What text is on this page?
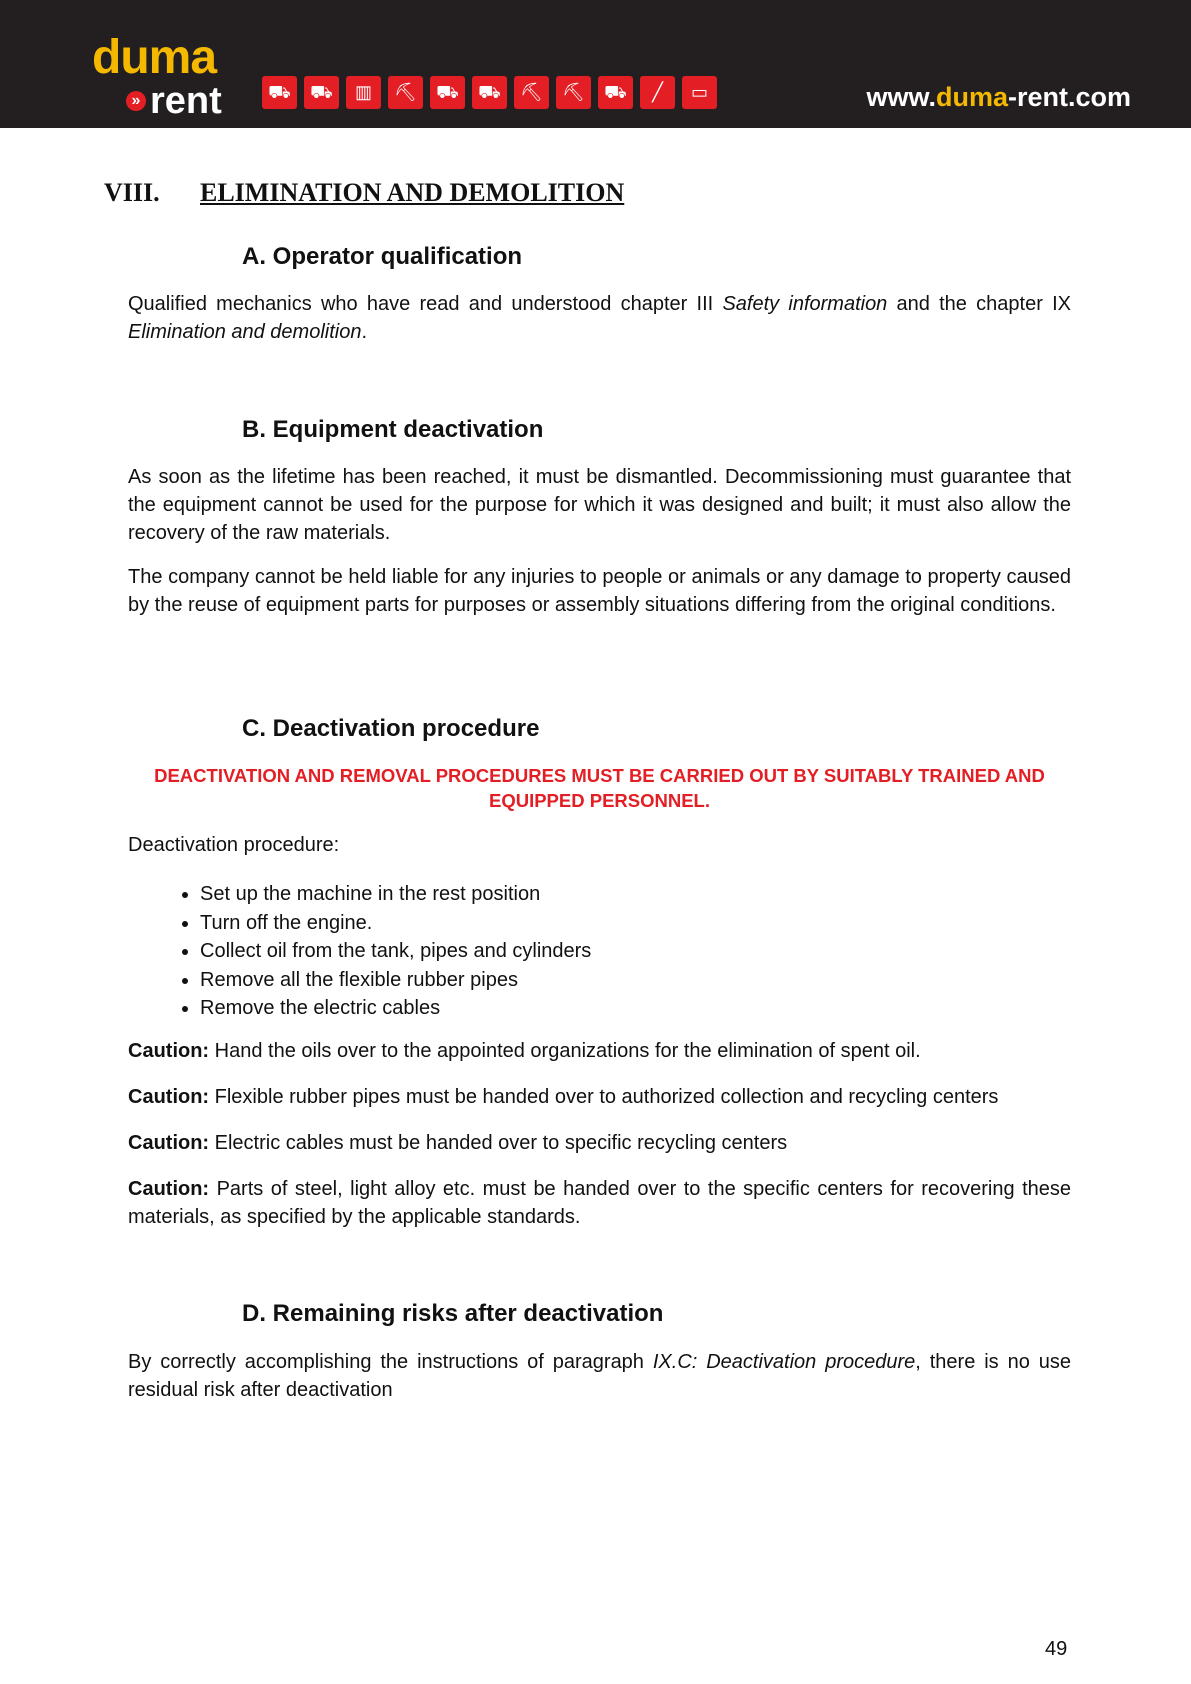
duma
» rent	⛟	⛟	▥	⛏	⛟	⛟	⛏	⛏	⛟	╱	▭	www.duma-rent.com
VIII. ELIMINATION AND DEMOLITION
A. Operator qualification
Qualified mechanics who have read and understood chapter III Safety information and the chapter IX Elimination and demolition.
B. Equipment deactivation
As soon as the lifetime has been reached, it must be dismantled. Decommissioning must guarantee that the equipment cannot be used for the purpose for which it was designed and built; it must also allow the recovery of the raw materials.
The company cannot be held liable for any injuries to people or animals or any damage to property caused by the reuse of equipment parts for purposes or assembly situations differing from the original conditions.
C. Deactivation procedure
DEACTIVATION AND REMOVAL PROCEDURES MUST BE CARRIED OUT BY SUITABLY TRAINED AND EQUIPPED PERSONNEL.
Deactivation procedure:
• Set up the machine in the rest position
• Turn off the engine.
• Collect oil from the tank, pipes and cylinders
• Remove all the flexible rubber pipes
• Remove the electric cables
Caution: Hand the oils over to the appointed organizations for the elimination of spent oil.
Caution: Flexible rubber pipes must be handed over to authorized collection and recycling centers
Caution: Electric cables must be handed over to specific recycling centers
Caution: Parts of steel, light alloy etc. must be handed over to the specific centers for recovering these materials, as specified by the applicable standards.
D. Remaining risks after deactivation
By correctly accomplishing the instructions of paragraph IX.C: Deactivation procedure, there is no use residual risk after deactivation
49
